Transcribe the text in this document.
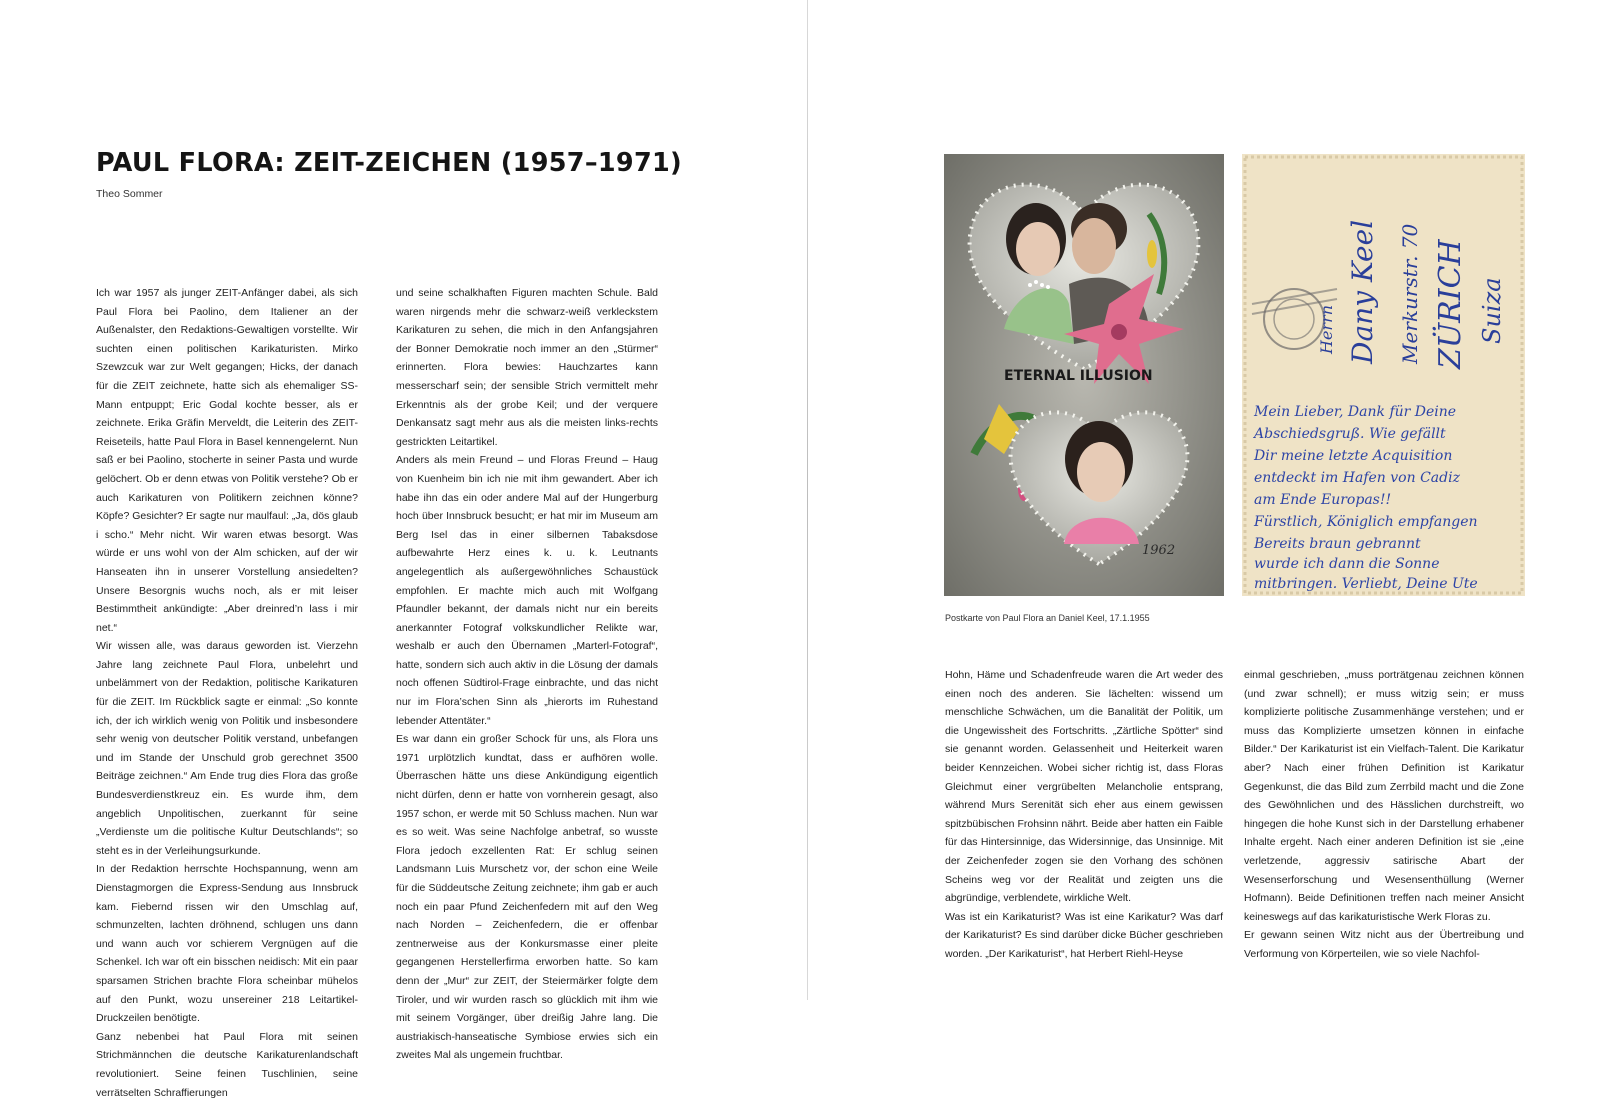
PAUL FLORA: ZEIT-ZEICHEN (1957–1971)

Theo Sommer

Ich war 1957 als junger ZEIT-Anfänger dabei, als sich Paul Flora bei Paolino, dem Italiener an der Außenalster, den Redaktions-Gewaltigen vorstellte. Wir suchten einen politischen Karikaturisten. Mirko Szewzcuk war zur Welt gegangen; Hicks, der danach für die ZEIT zeichnete, hatte sich als ehemaliger SS-Mann entpuppt; Eric Godal kochte besser, als er zeichnete. Erika Gräfin Merveldt, die Leiterin des ZEIT-Reiseteils, hatte Paul Flora in Basel kennengelernt. Nun saß er bei Paolino, stocherte in seiner Pasta und wurde gelöchert. Ob er denn etwas von Politik verstehe? Ob er auch Karikaturen von Politikern zeichnen könne? Köpfe? Gesichter? Er sagte nur maulfaul: „Ja, dös glaub i scho.“ Mehr nicht. Wir waren etwas besorgt. Was würde er uns wohl von der Alm schicken, auf der wir Hanseaten ihn in unserer Vorstellung ansiedelten? Unsere Besorgnis wuchs noch, als er mit leiser Bestimmtheit ankündigte: „Aber dreinred’n lass i mir net.“

Wir wissen alle, was daraus geworden ist. Vierzehn Jahre lang zeichnete Paul Flora, unbelehrt und unbelämmert von der Redaktion, politische Karikaturen für die ZEIT. Im Rückblick sagte er einmal: „So konnte ich, der ich wirklich wenig von Politik und insbesondere sehr wenig von deutscher Politik verstand, unbefangen und im Stande der Unschuld grob gerechnet 3500 Beiträge zeichnen.“ Am Ende trug dies Flora das große Bundesverdienstkreuz ein. Es wurde ihm, dem angeblich Unpolitischen, zuerkannt für seine „Verdienste um die politische Kultur Deutschlands“; so steht es in der Verleihungsurkunde.

In der Redaktion herrschte Hochspannung, wenn am Dienstagmorgen die Express-Sendung aus Innsbruck kam. Fiebernd rissen wir den Umschlag auf, schmunzelten, lachten dröhnend, schlugen uns dann und wann auch vor schierem Vergnügen auf die Schenkel. Ich war oft ein bisschen neidisch: Mit ein paar sparsamen Strichen brachte Flora scheinbar mühelos auf den Punkt, wozu unsereiner 218 Leitartikel-Druckzeilen benötigte.

Ganz nebenbei hat Paul Flora mit seinen Strichmännchen die deutsche Karikaturenlandschaft revolutioniert. Seine feinen Tuschlinien, seine verrätselten Schraffierungen

und seine schalkhaften Figuren machten Schule. Bald waren nirgends mehr die schwarz-weiß verkleckstem Karikaturen zu sehen, die mich in den Anfangsjahren der Bonner Demokratie noch immer an den „Stürmer“ erinnerten. Flora bewies: Hauchzartes kann messerscharf sein; der sensible Strich vermittelt mehr Erkenntnis als der grobe Keil; und der verquere Denkansatz sagt mehr aus als die meisten links-rechts gestrickten Leitartikel.

Anders als mein Freund – und Floras Freund – Haug von Kuenheim bin ich nie mit ihm gewandert. Aber ich habe ihn das ein oder andere Mal auf der Hungerburg hoch über Innsbruck besucht; er hat mir im Museum am Berg Isel das in einer silbernen Tabaksdose aufbewahrte Herz eines k. u. k. Leutnants angelegentlich als außergewöhnliches Schaustück empfohlen. Er machte mich auch mit Wolfgang Pfaundler bekannt, der damals nicht nur ein bereits anerkannter Fotograf volkskundlicher Relikte war, weshalb er auch den Übernamen „Marterl-Fotograf“, hatte, sondern sich auch aktiv in die Lösung der damals noch offenen Südtirol-Frage einbrachte, und das nicht nur im Flora’schen Sinn als „hierorts im Ruhestand lebender Attentäter.“

Es war dann ein großer Schock für uns, als Flora uns 1971 urplötzlich kundtat, dass er aufhören wolle. Überraschen hätte uns diese Ankündigung eigentlich nicht dürfen, denn er hatte von vornherein gesagt, also 1957 schon, er werde mit 50 Schluss machen. Nun war es so weit. Was seine Nachfolge anbetraf, so wusste Flora jedoch exzellenten Rat: Er schlug seinen Landsmann Luis Murschetz vor, der schon eine Weile für die Süddeutsche Zeitung zeichnete; ihm gab er auch noch ein paar Pfund Zeichenfedern mit auf den Weg nach Norden – Zeichenfedern, die er offenbar zentnerweise aus der Konkursmasse einer pleite gegangenen Herstellerfirma erworben hatte. So kam denn der „Mur“ zur ZEIT, der Steiermärker folgte dem Tiroler, und wir wurden rasch so glücklich mit ihm wie mit seinem Vorgänger, über dreißig Jahre lang. Die austriakisch-hanseatische Symbiose erwies sich ein zweites Mal als ungemein fruchtbar.

ETERNAL ILLUSION
1962
Herrn Dany Keel Merkurstr. 70 ZÜRICH Suiza
Mein Lieber, Dank für Deine
Abschiedsgruß. Wie gefällt
Dir meine letzte Acquisition
entdeckt im Hafen von Cadiz
am Ende Europas!!
Fürstlich, Königlich empfangen
Bereits braun gebrannt
wurde ich dann die Sonne
mitbringen. Verliebt, Deine Ute

Postkarte von Paul Flora an Daniel Keel, 17.1.1955

Hohn, Häme und Schadenfreude waren die Art weder des einen noch des anderen. Sie lächelten: wissend um menschliche Schwächen, um die Banalität der Politik, um die Ungewissheit des Fortschritts. „Zärtliche Spötter“ sind sie genannt worden. Gelassenheit und Heiterkeit waren beider Kennzeichen. Wobei sicher richtig ist, dass Floras Gleichmut einer vergrübelten Melancholie entsprang, während Murs Serenität sich eher aus einem gewissen spitzbübischen Frohsinn nährt. Beide aber hatten ein Faible für das Hintersinnige, das Widersinnige, das Unsinnige. Mit der Zeichenfeder zogen sie den Vorhang des schönen Scheins weg vor der Realität und zeigten uns die abgründige, verblendete, wirkliche Welt.

Was ist ein Karikaturist? Was ist eine Karikatur? Was darf der Karikaturist? Es sind darüber dicke Bücher geschrieben worden. „Der Karikaturist“, hat Herbert Riehl-Heyse

einmal geschrieben, „muss porträtgenau zeichnen können (und zwar schnell); er muss witzig sein; er muss komplizierte politische Zusammenhänge verstehen; und er muss das Komplizierte umsetzen können in einfache Bilder.“ Der Karikaturist ist ein Vielfach-Talent. Die Karikatur aber? Nach einer frühen Definition ist Karikatur Gegenkunst, die das Bild zum Zerrbild macht und die Zone des Gewöhnlichen und des Hässlichen durchstreift, wo hingegen die hohe Kunst sich in der Darstellung erhabener Inhalte ergeht. Nach einer anderen Definition ist sie „eine verletzende, aggressiv satirische Abart der Wesenserforschung und Wesensenthüllung (Werner Hofmann). Beide Definitionen treffen nach meiner Ansicht keineswegs auf das karikaturistische Werk Floras zu.

Er gewann seinen Witz nicht aus der Übertreibung und Verformung von Körperteilen, wie so viele Nachfol-
